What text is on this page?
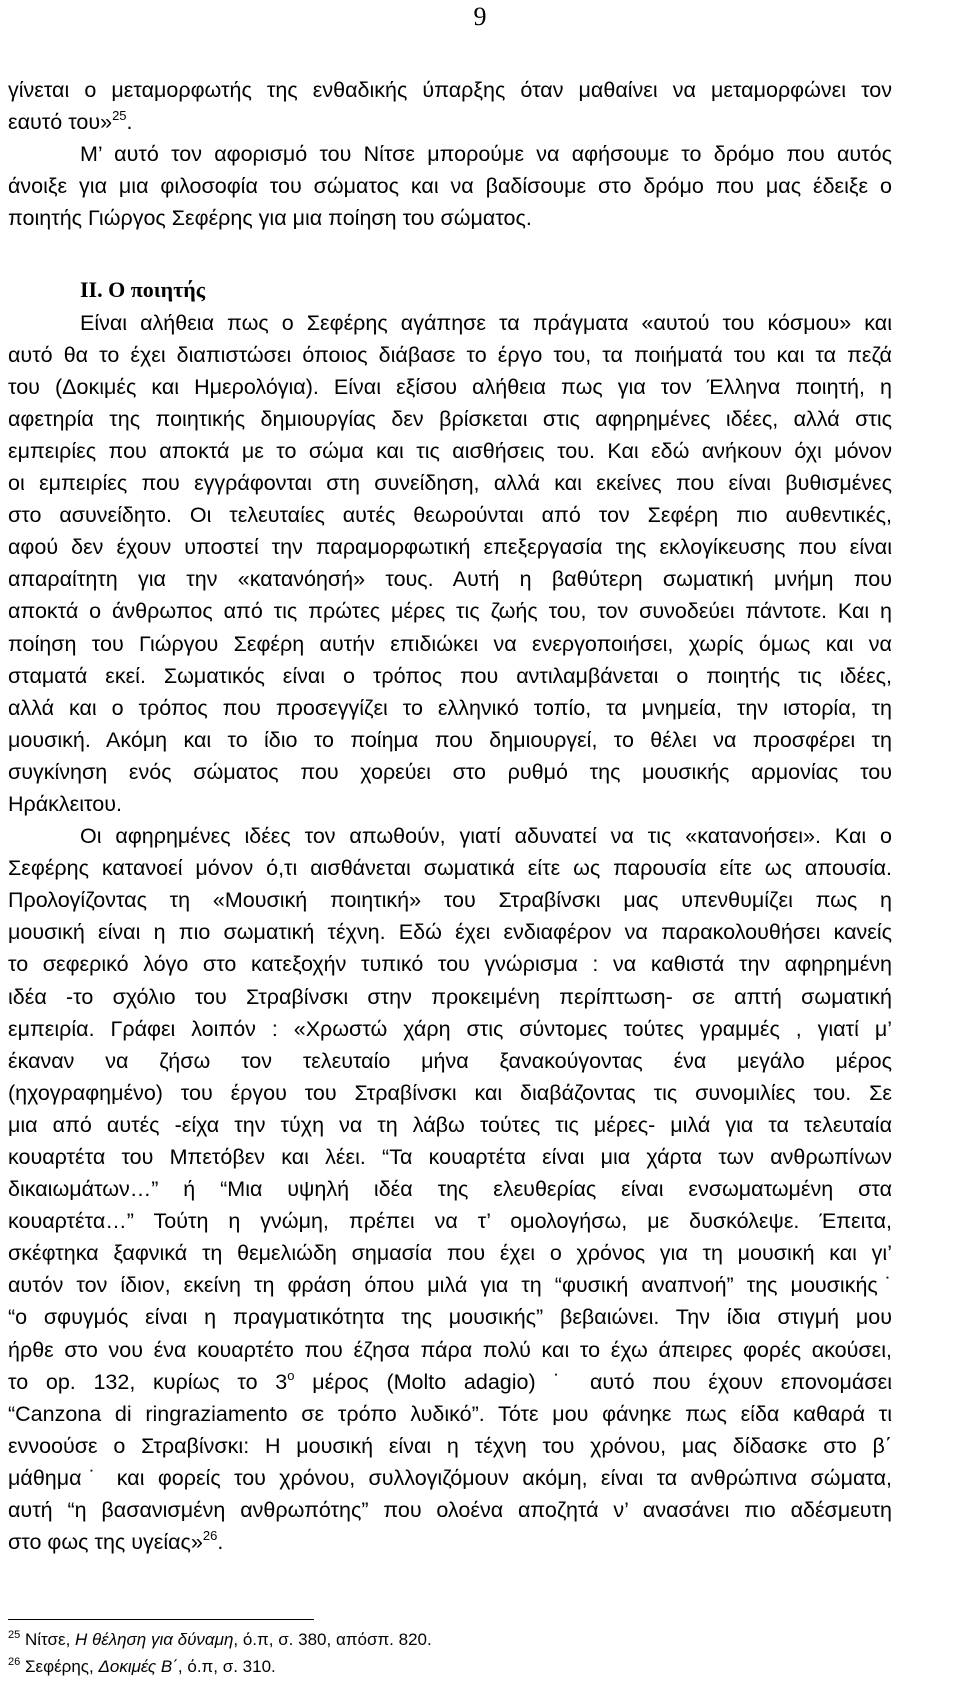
9
γίνεται ο μεταμορφωτής της ενθαδικής ύπαρξης όταν μαθαίνει να μεταμορφώνει τον
εαυτό του»$^{25}$.
Μ’ αυτό τον αφορισμό του Νίτσε μπορούμε να αφήσουμε το δρόμο που αυτός
άνοιξε για μια φιλοσοφία του σώματος και να βαδίσουμε στο δρόμο που μας έδειξε ο
ποιητής Γιώργος Σεφέρης για μια ποίηση του σώματος.
II. Ο ποιητής
Είναι αλήθεια πως ο Σεφέρης αγάπησε τα πράγματα «αυτού του κόσμου» και
αυτό θα το έχει διαπιστώσει όποιος διάβασε το έργο του, τα ποιήματά του και τα πεζά
του (Δοκιμές και Ημερολόγια). Είναι εξίσου αλήθεια πως για τον Έλληνα ποιητή, η
αφετηρία της ποιητικής δημιουργίας δεν βρίσκεται στις αφηρημένες ιδέες, αλλά στις
εμπειρίες που αποκτά με το σώμα και τις αισθήσεις του. Και εδώ ανήκουν όχι μόνον
οι εμπειρίες που εγγράφονται στη συνείδηση, αλλά και εκείνες που είναι βυθισμένες
στο ασυνείδητο. Οι τελευταίες αυτές θεωρούνται από τον Σεφέρη πιο αυθεντικές,
αφού δεν έχουν υποστεί την παραμορφωτική επεξεργασία της εκλογίκευσης που είναι
απαραίτητη για την «κατανόησή» τους. Αυτή η βαθύτερη σωματική μνήμη που
αποκτά ο άνθρωπος από τις πρώτες μέρες τις ζωής του, τον συνοδεύει πάντοτε. Και η
ποίηση του Γιώργου Σεφέρη αυτήν επιδιώκει να ενεργοποιήσει, χωρίς όμως και να
σταματά εκεί. Σωματικός είναι ο τρόπος που αντιλαμβάνεται ο ποιητής τις ιδέες,
αλλά και ο τρόπος που προσεγγίζει το ελληνικό τοπίο, τα μνημεία, την ιστορία, τη
μουσική. Ακόμη και το ίδιο το ποίημα που δημιουργεί, το θέλει να προσφέρει τη
συγκίνηση ενός σώματος που χορεύει στο ρυθμό της μουσικής αρμονίας του
Ηράκλειτου.
Οι αφηρημένες ιδέες τον απωθούν, γιατί αδυνατεί να τις «κατανοήσει». Και ο
Σεφέρης κατανοεί μόνον ό,τι αισθάνεται σωματικά είτε ως παρουσία είτε ως απουσία.
Προλογίζοντας τη «Μουσική ποιητική» του Στραβίνσκι μας υπενθυμίζει πως η
μουσική είναι η πιο σωματική τέχνη. Εδώ έχει ενδιαφέρον να παρακολουθήσει κανείς
το σεφερικό λόγο στο κατεξοχήν τυπικό του γνώρισμα : να καθιστά την αφηρημένη
ιδέα -το σχόλιο του Στραβίνσκι στην προκειμένη περίπτωση- σε απτή σωματική
εμπειρία. Γράφει λοιπόν : «Χρωστώ χάρη στις σύντομες τούτες γραμμές , γιατί μ’
έκαναν να ζήσω τον τελευταίο μήνα ξανακούγοντας ένα μεγάλο μέρος
(ηχογραφημένο) του έργου του Στραβίνσκι και διαβάζοντας τις συνομιλίες του. Σε
μια από αυτές -είχα την τύχη να τη λάβω τούτες τις μέρες- μιλά για τα τελευταία
κουαρτέτα του Μπετόβεν και λέει. “Τα κουαρτέτα είναι μια χάρτα των ανθρωπίνων
δικαιωμάτων…” ή “Μια υψηλή ιδέα της ελευθερίας είναι ενσωματωμένη στα
κουαρτέτα…” Τούτη η γνώμη, πρέπει να τ’ ομολογήσω, με δυσκόλεψε. Έπειτα,
σκέφτηκα ξαφνικά τη θεμελιώδη σημασία που έχει ο χρόνος για τη μουσική και γι’
αυτόν τον ίδιον, εκείνη τη φράση όπου μιλά για τη “φυσική αναπνοή” της μουσικής˙
“ο σφυγμός είναι η πραγματικότητα της μουσικής” βεβαιώνει. Την ίδια στιγμή μου
ήρθε στο νου ένα κουαρτέτο που έζησα πάρα πολύ και το έχω άπειρες φορές ακούσει,
το op. 132, κυρίως το $3^o$ μέρος (Molto adagio) ˙ αυτό που έχουν επονομάσει
“Canzona di ringraziamento σε τρόπο λυδικό”. Τότε μου φάνηκε πως είδα καθαρά τι
εννοούσε ο Στραβίνσκι: Η μουσική είναι η τέχνη του χρόνου, μας δίδασκε στο β΄
μάθημα˙ και φορείς του χρόνου, συλλογιζόμουν ακόμη, είναι τα ανθρώπινα σώματα,
αυτή “η βασανισμένη ανθρωπότης” που ολοένα αποζητά ν’ ανασάνει πιο αδέσμευτη
στο φως της υγείας»$^{26}$.
$^{25}$ Νίτσε, Η θέληση για δύναμη, ό.π, σ. 380, απόσπ. 820.
$^{26}$ Σεφέρης, Δοκιμές Β΄, ό.π, σ. 310.
